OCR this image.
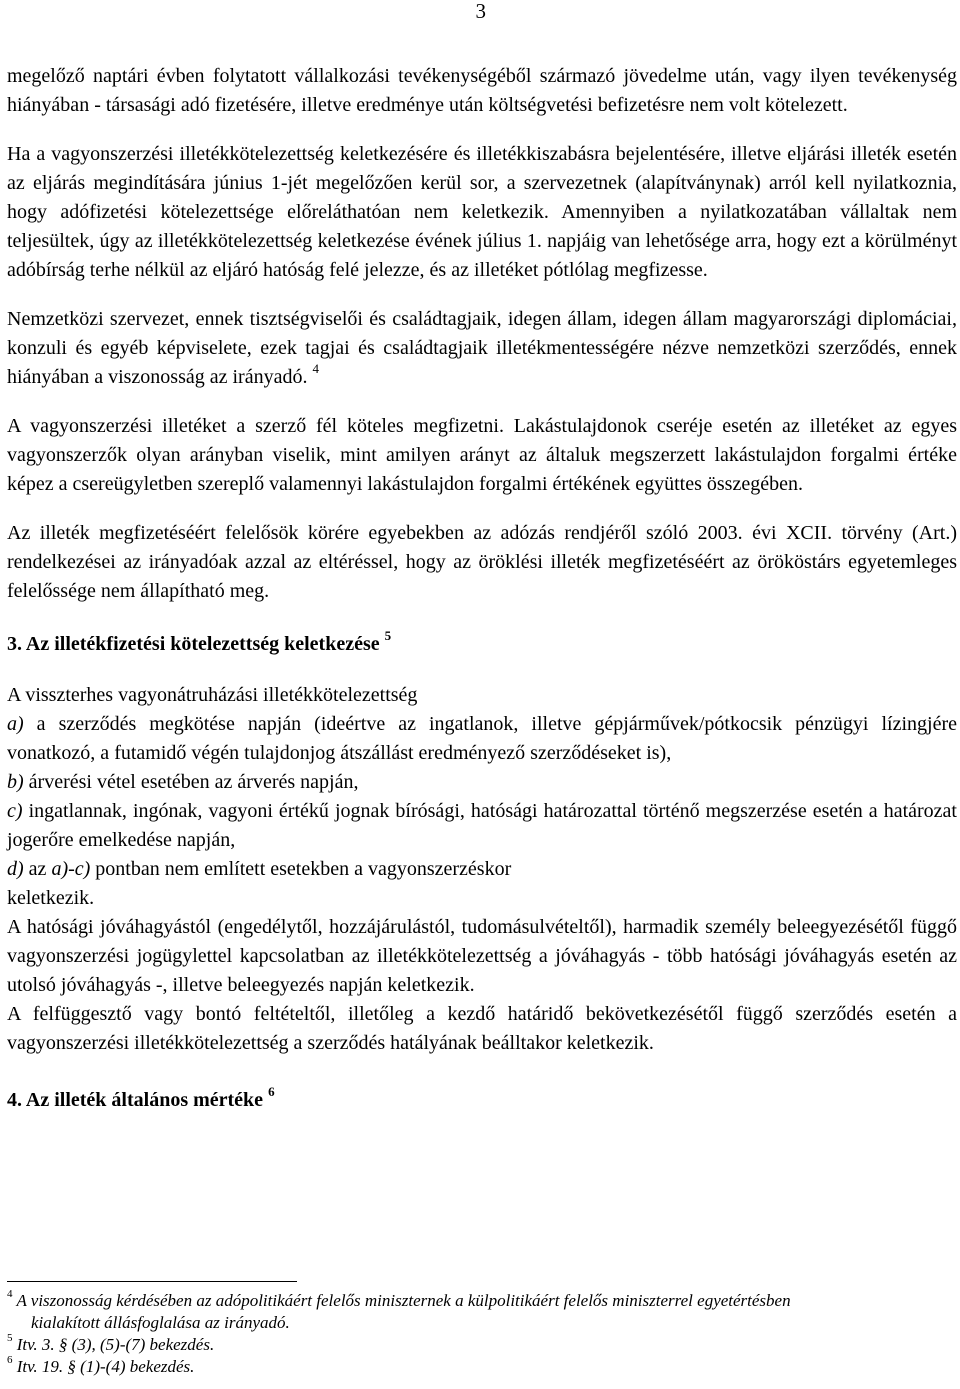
3

megelőző naptári évben folytatott vállalkozási tevékenységéből származó jövedelme után, vagy ilyen tevékenység hiányában - társasági adó fizetésére, illetve eredménye után költségvetési befizetésre nem volt kötelezett.

Ha a vagyonszerzési illetékkötelezettség keletkezésére és illetékkiszabásra bejelentésére, illetve eljárási illeték esetén az eljárás megindítására június 1-jét megelőzően kerül sor, a szervezetnek (alapítványnak) arról kell nyilatkoznia, hogy adófizetési kötelezettsége előreláthatóan nem keletkezik. Amennyiben a nyilatkozatában vállaltak nem teljesültek, úgy az illetékkötelezettség keletkezése évének július 1. napjáig van lehetősége arra, hogy ezt a körülményt adóbírság terhe nélkül az eljáró hatóság felé jelezze, és az illetéket pótlólag megfizesse.

Nemzetközi szervezet, ennek tisztségviselői és családtagjaik, idegen állam, idegen állam magyarországi diplomáciai, konzuli és egyéb képviselete, ezek tagjai és családtagjaik illetékmentességére nézve nemzetközi szerződés, ennek hiányában a viszonosság az irányadó. $^4$

A vagyonszerzési illetéket a szerző fél köteles megfizetni. Lakástulajdonok cseréje esetén az illetéket az egyes vagyonszerzők olyan arányban viselik, mint amilyen arányt az általuk megszerzett lakástulajdon forgalmi értéke képez a csereügyletben szereplő valamennyi lakástulajdon forgalmi értékének együttes összegében.

Az illeték megfizetéséért felelősök körére egyebekben az adózás rendjéről szóló 2003. évi XCII. törvény (Art.) rendelkezései az irányadóak azzal az eltéréssel, hogy az öröklési illeték megfizetéséért az örököstárs egyetemleges felelőssége nem állapítható meg.

3. Az illetékfizetési kötelezettség keletkezése $^5$

A visszterhes vagyonátruházási illetékkötelezettség

a) a szerződés megkötése napján (ideértve az ingatlanok, illetve gépjárművek/pótkocsik pénzügyi lízingjére vonatkozó, a futamidő végén tulajdonjog átszállást eredményező szerződéseket is),

b) árverési vétel esetében az árverés napján,

c) ingatlannak, ingónak, vagyoni értékű jognak bírósági, hatósági határozattal történő megszerzése esetén a határozat jogerőre emelkedése napján,

d) az a)-c) pontban nem említett esetekben a vagyonszerzéskor

keletkezik.

A hatósági jóváhagyástól (engedélytől, hozzájárulástól, tudomásulvételtől), harmadik személy beleegyezésétől függő vagyonszerzési jogügylettel kapcsolatban az illetékkötelezettség a jóváhagyás - több hatósági jóváhagyás esetén az utolsó jóváhagyás -, illetve beleegyezés napján keletkezik.

A felfüggesztő vagy bontó feltételtől, illetőleg a kezdő határidő bekövetkezésétől függő szerződés esetén a vagyonszerzési illetékkötelezettség a szerződés hatályának beálltakor keletkezik.

4. Az illeték általános mértéke $^6$

$^4$ A viszonosság kérdésében az adópolitikáért felelős miniszternek a külpolitikáért felelős miniszterrel egyetértésben
kialakított állásfoglalása az irányadó.

$^5$ Itv. 3. § (3), (5)-(7) bekezdés.

$^6$ Itv. 19. § (1)-(4) bekezdés.
